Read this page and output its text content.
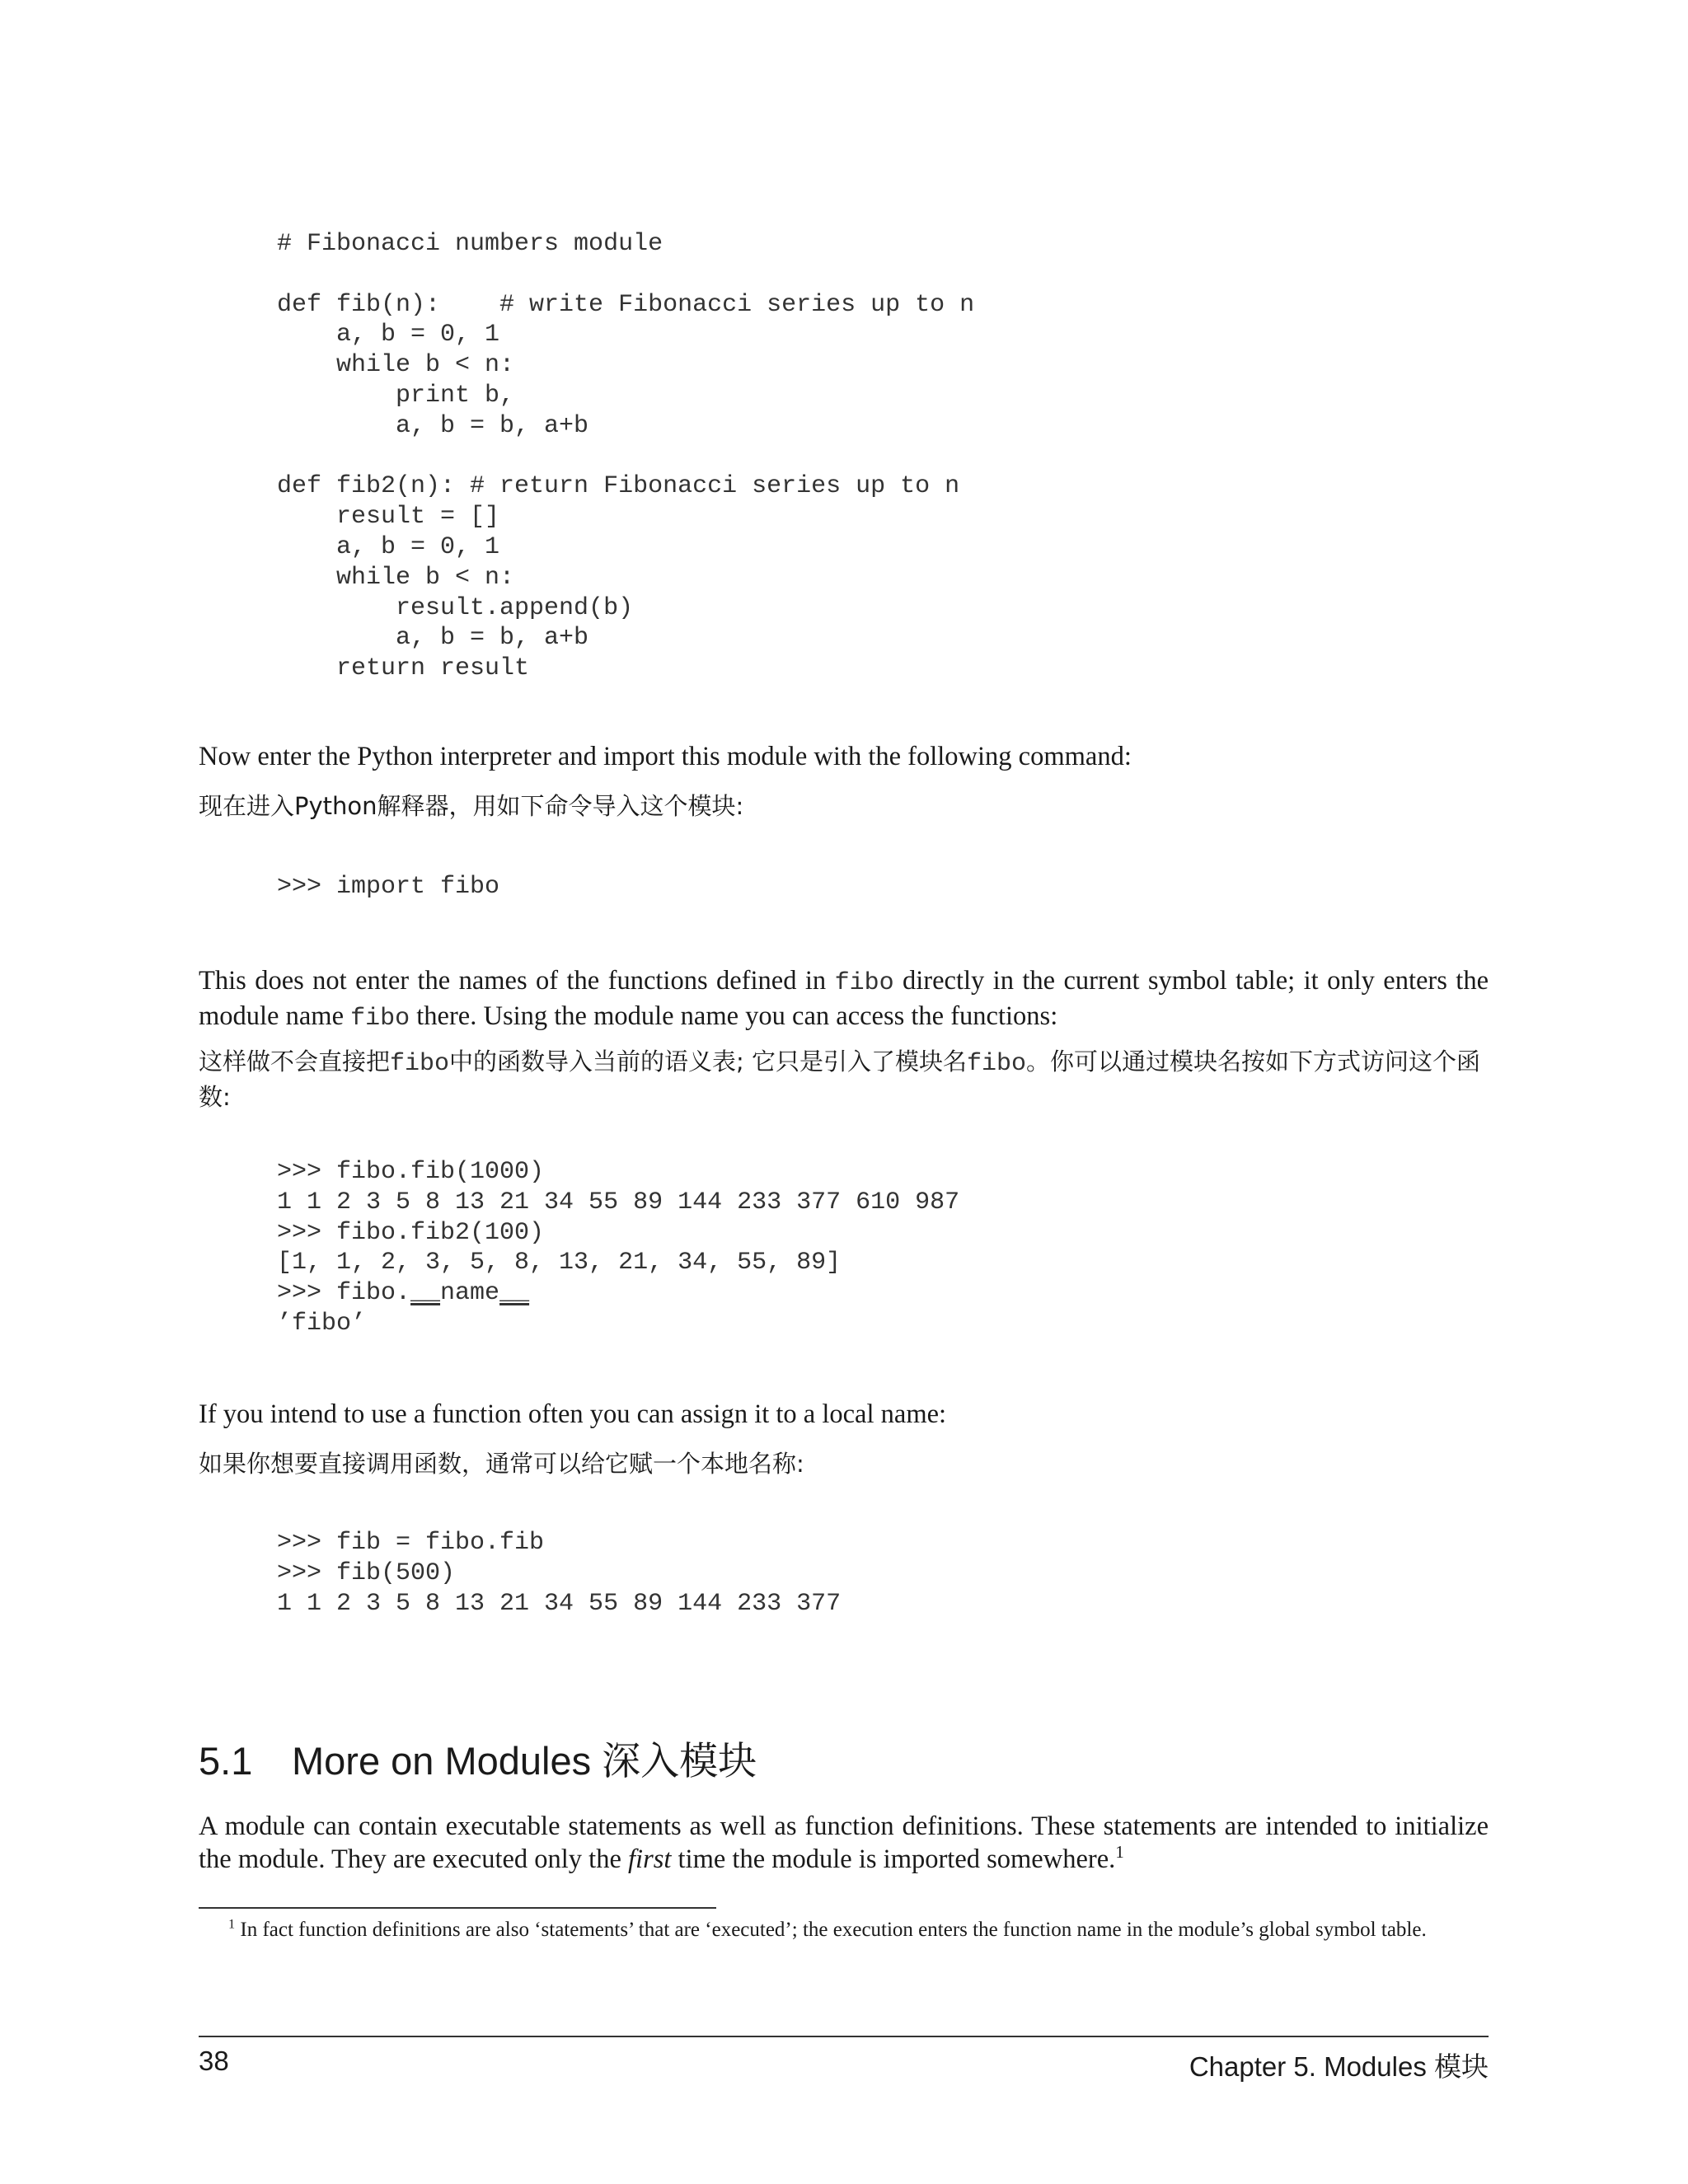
# Fibonacci numbers module

def fib(n):    # write Fibonacci series up to n
a, b = 0, 1
while b < n:
print b,
a, b = b, a+b

def fib2(n): # return Fibonacci series up to n
result = []
a, b = 0, 1
while b < n:
result.append(b)
a, b = b, a+b
return result

Now enter the Python interpreter and import this module with the following command:

现在进入Python解释器，用如下命令导入这个模块:

>>> import fibo

This does not enter the names of the functions defined in fibo directly in the current symbol table; it only enters the module name fibo there. Using the module name you can access the functions:

这样做不会直接把fibo中的函数导入当前的语义表; 它只是引入了模块名fibo。你可以通过模块名按如下方式访问这个函数:

>>> fibo.fib(1000)
1 1 2 3 5 8 13 21 34 55 89 144 233 377 610 987
>>> fibo.fib2(100)
[1, 1, 2, 3, 5, 8, 13, 21, 34, 55, 89]
>>> fibo.__name__
’fibo’

If you intend to use a function often you can assign it to a local name:

如果你想要直接调用函数，通常可以给它赋一个本地名称:

>>> fib = fibo.fib
>>> fib(500)
1 1 2 3 5 8 13 21 34 55 89 144 233 377
5.1 More on Modules 深入模块

A module can contain executable statements as well as function definitions. These statements are intended to initialize the module. They are executed only the first time the module is imported somewhere.$^1$

$^1$ In fact function definitions are also ‘statements’ that are ‘executed’; the execution enters the function name in the module’s global symbol table.

38	Chapter 5. Modules 模块
